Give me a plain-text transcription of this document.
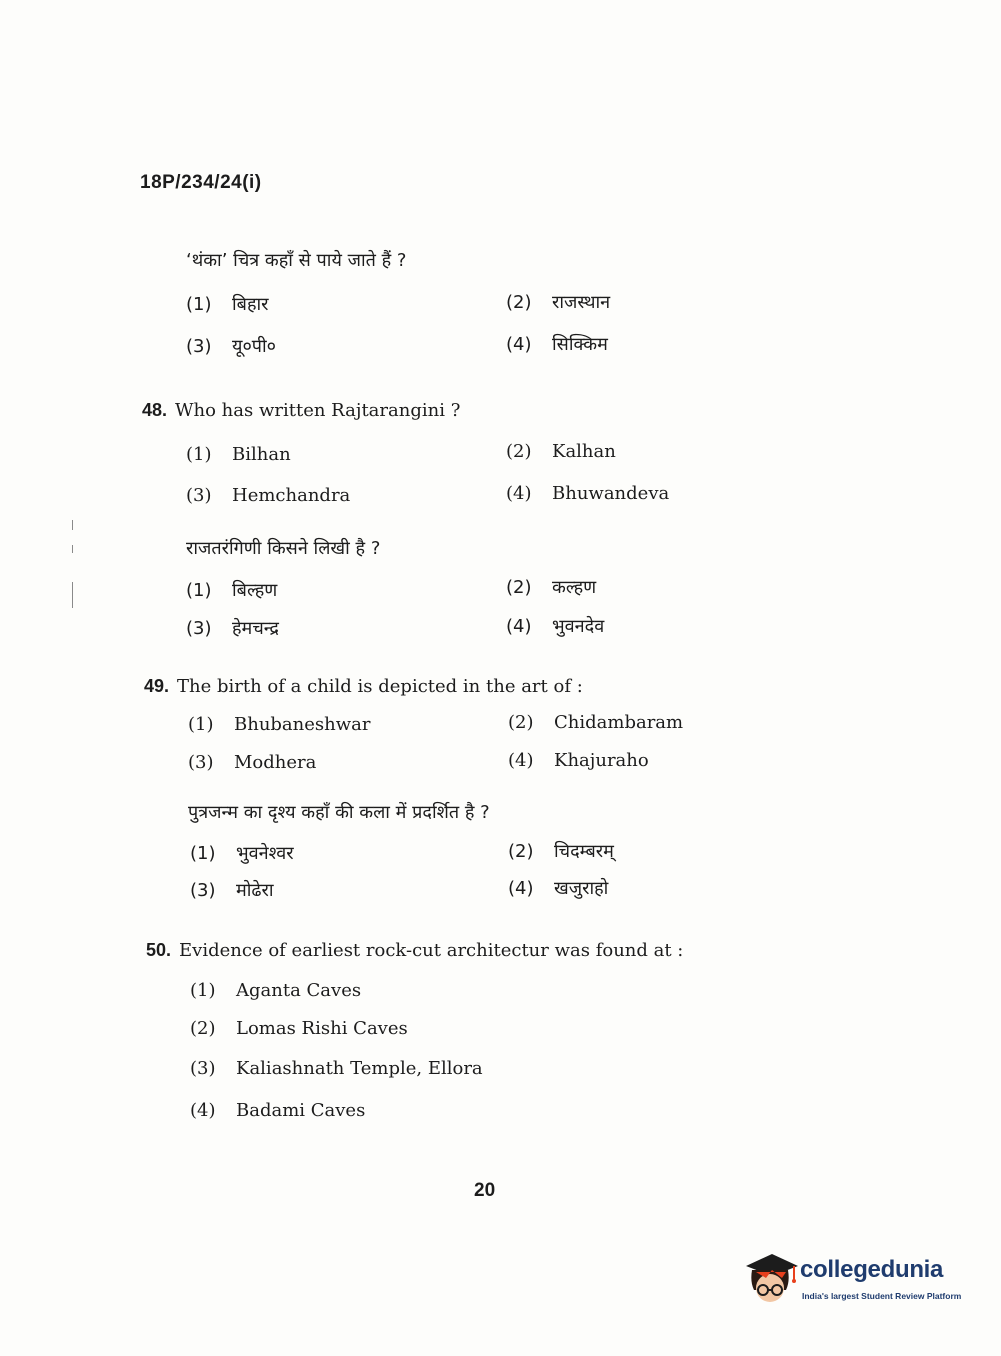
18P/234/24(i)
‘थंका’ चित्र कहाँ से पाये जाते हैं ?
(1) बिहार	(2) राजस्थान
(3) यू०पी०	(4) सिक्किम
48. Who has written Rajtarangini ?
(1) Bilhan	(2) Kalhan
(3) Hemchandra	(4) Bhuwandeva
राजतरंगिणी किसने लिखी है ?
(1) बिल्हण	(2) कल्हण
(3) हेमचन्द्र	(4) भुवनदेव
49. The birth of a child is depicted in the art of :
(1) Bhubaneshwar	(2) Chidambaram
(3) Modhera	(4) Khajuraho
पुत्रजन्म का दृश्य कहाँ की कला में प्रदर्शित है ?
(1) भुवनेश्वर	(2) चिदम्बरम्
(3) मोढेरा	(4) खजुराहो
50. Evidence of earliest rock-cut architectur was found at :
(1) Aganta Caves
(2) Lomas Rishi Caves
(3) Kaliashnath Temple, Ellora
(4) Badami Caves
20
collegedunia
India's largest Student Review Platform
